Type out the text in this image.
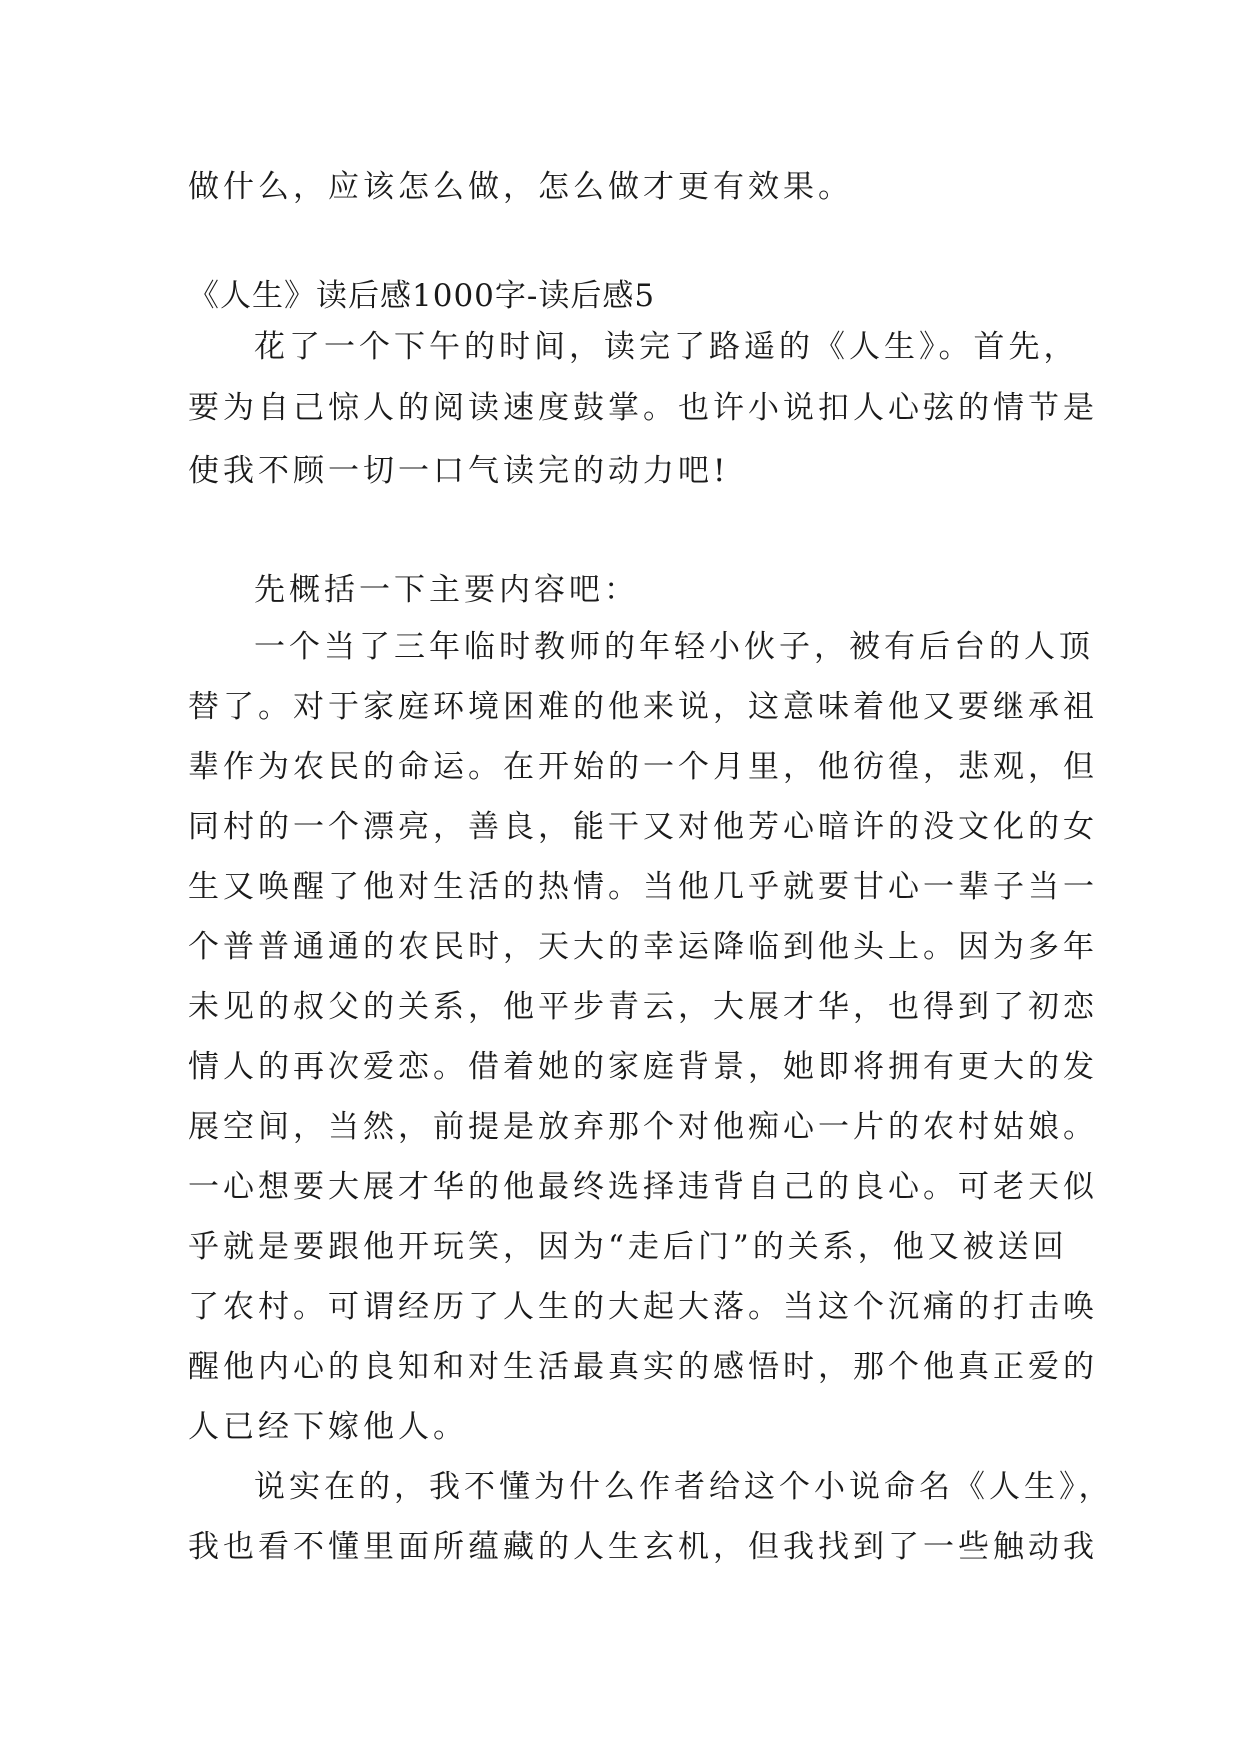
做什么，应该怎么做，怎么做才更有效果。
《人生》读后感1000字-读后感5
花了一个下午的时间，读完了路遥的《人生》。首先，
要为自己惊人的阅读速度鼓掌。也许小说扣人心弦的情节是
使我不顾一切一口气读完的动力吧!
先概括一下主要内容吧：
一个当了三年临时教师的年轻小伙子，被有后台的人顶
替了。对于家庭环境困难的他来说，这意味着他又要继承祖
辈作为农民的命运。在开始的一个月里，他彷徨，悲观，但
同村的一个漂亮，善良，能干又对他芳心暗许的没文化的女
生又唤醒了他对生活的热情。当他几乎就要甘心一辈子当一
个普普通通的农民时，天大的幸运降临到他头上。因为多年
未见的叔父的关系，他平步青云，大展才华，也得到了初恋
情人的再次爱恋。借着她的家庭背景，她即将拥有更大的发
展空间，当然，前提是放弃那个对他痴心一片的农村姑娘。
一心想要大展才华的他最终选择违背自己的良心。可老天似
乎就是要跟他开玩笑，因为“走后门”的关系，他又被送回
了农村。可谓经历了人生的大起大落。当这个沉痛的打击唤
醒他内心的良知和对生活最真实的感悟时，那个他真正爱的
人已经下嫁他人。
说实在的，我不懂为什么作者给这个小说命名《人生》，
我也看不懂里面所蕴藏的人生玄机，但我找到了一些触动我
